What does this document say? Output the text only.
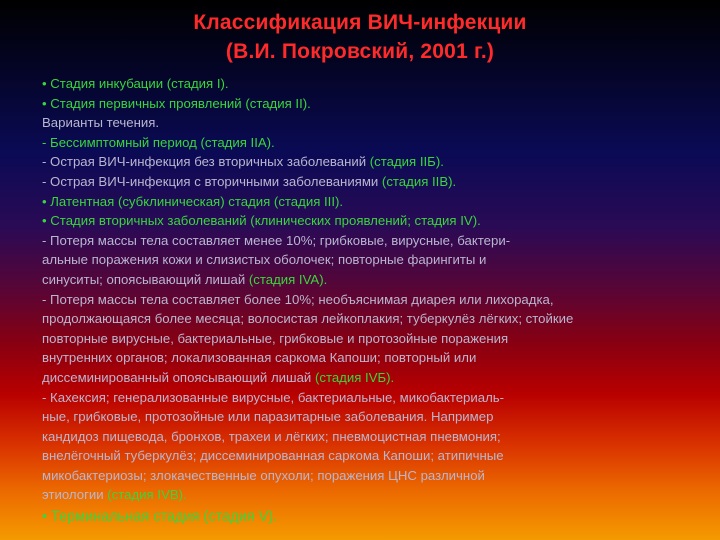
Классификация ВИЧ-инфекции
(В.И. Покровский, 2001 г.)
• Стадия инкубации (стадия I).
• Стадия первичных проявлений (стадия II).
Варианты течения.
- Бессимптомный период (стадия IIА).
- Острая ВИЧ-инфекция без вторичных заболеваний (стадия IIБ).
- Острая ВИЧ-инфекция с вторичными заболеваниями (стадия IIВ).
• Латентная (субклиническая) стадия (стадия III).
• Стадия вторичных заболеваний (клинических проявлений; стадия IV).
- Потеря массы тела составляет менее 10%; грибковые, вирусные, бактери-
альные поражения кожи и слизистых оболочек; повторные фарингиты и
синуситы; опоясывающий лишай (стадия IVA).
- Потеря массы тела составляет более 10%; необъяснимая диарея или лихорадка,
продолжающаяся более месяца; волосистая лейкоплакия; туберкулёз лёгких; стойкие
повторные вирусные, бактериальные, грибковые и протозойные поражения
внутренних органов; локализованная саркома Капоши; повторный или
диссеминированный опоясывающий лишай (стадия IVБ).
- Кахексия; генерализованные вирусные, бактериальные, микобактериаль-
ные, грибковые, протозойные или паразитарные заболевания. Например
кандидоз пищевода, бронхов, трахеи и лёгких; пневмоцистная пневмония;
внелёгочный туберкулёз; диссеминированная саркома Капоши; атипичные
микобактериозы; злокачественные опухоли; поражения ЦНС различной
этиологии (стадия IVВ).
• Терминальная стадия (стадия V).
